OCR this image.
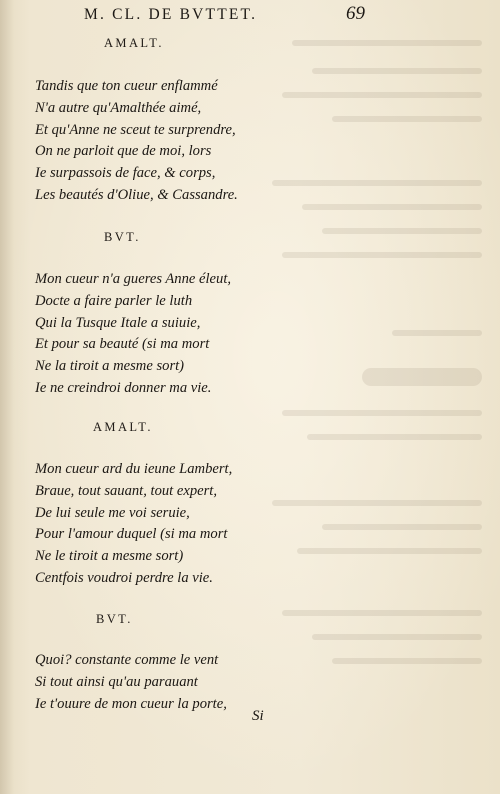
M. CL. DE BVTTET.	69
AMALT.
Tandis que ton cueur enflammé
N'a autre qu'Amalthée aimé,
Et qu'Anne ne sceut te surprendre,
On ne parloit que de moi, lors
Ie surpassois de face, & corps,
Les beautés d'Oliue, & Cassandre.
BVT.
Mon cueur n'a gueres Anne éleut,
Docte a faire parler le luth
Qui la Tusque Itale a suiuie,
Et pour sa beauté (si ma mort
Ne la tiroit a mesme sort)
Ie ne creindroi donner ma vie.
AMALT.
Mon cueur ard du ieune Lambert,
Braue, tout sauant, tout expert,
De lui seule me voi seruie,
Pour l'amour duquel (si ma mort
Ne le tiroit a mesme sort)
Centfois voudroi perdre la vie.
BVT.
Quoi? constante comme le vent
Si tout ainsi qu'au parauant
Ie t'ouure de mon cueur la porte,
Si
